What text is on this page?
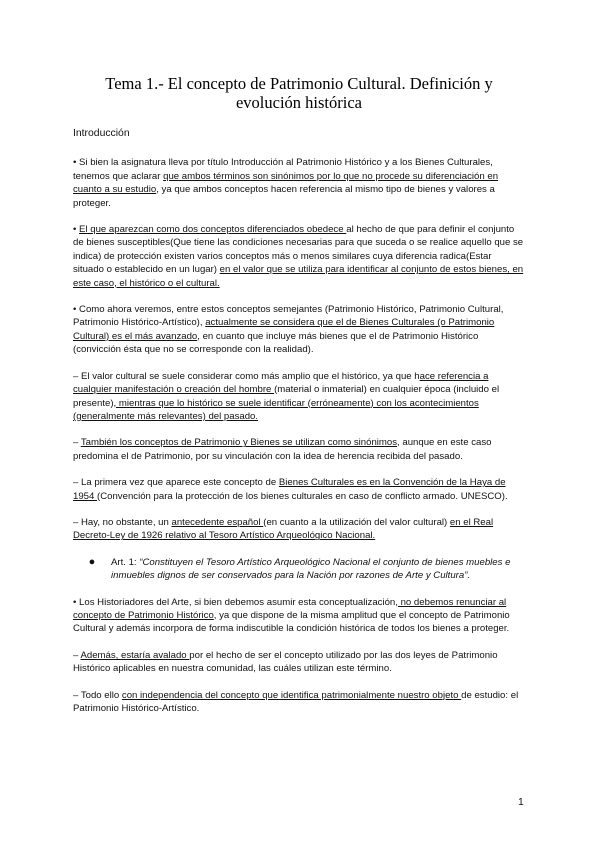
Tema 1.- El concepto de Patrimonio Cultural. Definición y evolución histórica
Introducción

• Si bien la asignatura lleva por título Introducción al Patrimonio Histórico y a los Bienes Culturales, tenemos que aclarar que ambos términos son sinónimos por lo que no procede su diferenciación en cuanto a su estudio, ya que ambos conceptos hacen referencia al mismo tipo de bienes y valores a proteger.

• El que aparezcan como dos conceptos diferenciados obedece al hecho de que para definir el conjunto de bienes susceptibles(Que tiene las condiciones necesarias para que suceda o se realice aquello que se indica) de protección existen varios conceptos más o menos similares cuya diferencia radica(Estar situado o establecido en un lugar) en el valor que se utiliza para identificar al conjunto de estos bienes, en este caso, el histórico o el cultural.

• Como ahora veremos, entre estos conceptos semejantes (Patrimonio Histórico, Patrimonio Cultural, Patrimonio Histórico-Artístico), actualmente se considera que el de Bienes Culturales (o Patrimonio Cultural) es el más avanzado, en cuanto que incluye más bienes que el de Patrimonio Histórico (convicción ésta que no se corresponde con la realidad).

– El valor cultural se suele considerar como más amplio que el histórico, ya que hace referencia a cualquier manifestación o creación del hombre (material o inmaterial) en cualquier época (incluido el presente), mientras que lo histórico se suele identificar (erróneamente) con los acontecimientos (generalmente más relevantes) del pasado.

– También los conceptos de Patrimonio y Bienes se utilizan como sinónimos, aunque en este caso predomina el de Patrimonio, por su vinculación con la idea de herencia recibida del pasado.

– La primera vez que aparece este concepto de Bienes Culturales es en la Convención de la Haya de 1954 (Convención para la protección de los bienes culturales en caso de conflicto armado. UNESCO).

– Hay, no obstante, un antecedente español (en cuanto a la utilización del valor cultural) en el Real Decreto-Ley de 1926 relativo al Tesoro Artístico Arqueológico Nacional.

●	Art. 1: “Constituyen el Tesoro Artístico Arqueológico Nacional el conjunto de bienes muebles e inmuebles dignos de ser conservados para la Nación por razones de Arte y Cultura”.

• Los Historiadores del Arte, si bien debemos asumir esta conceptualización, no debemos renunciar al concepto de Patrimonio Histórico, ya que dispone de la misma amplitud que el concepto de Patrimonio Cultural y además incorpora de forma indiscutible la condición histórica de todos los bienes a proteger.

– Además, estaría avalado por el hecho de ser el concepto utilizado por las dos leyes de Patrimonio Histórico aplicables en nuestra comunidad, las cuáles utilizan este término.

– Todo ello con independencia del concepto que identifica patrimonialmente nuestro objeto de estudio: el Patrimonio Histórico-Artístico.

1
